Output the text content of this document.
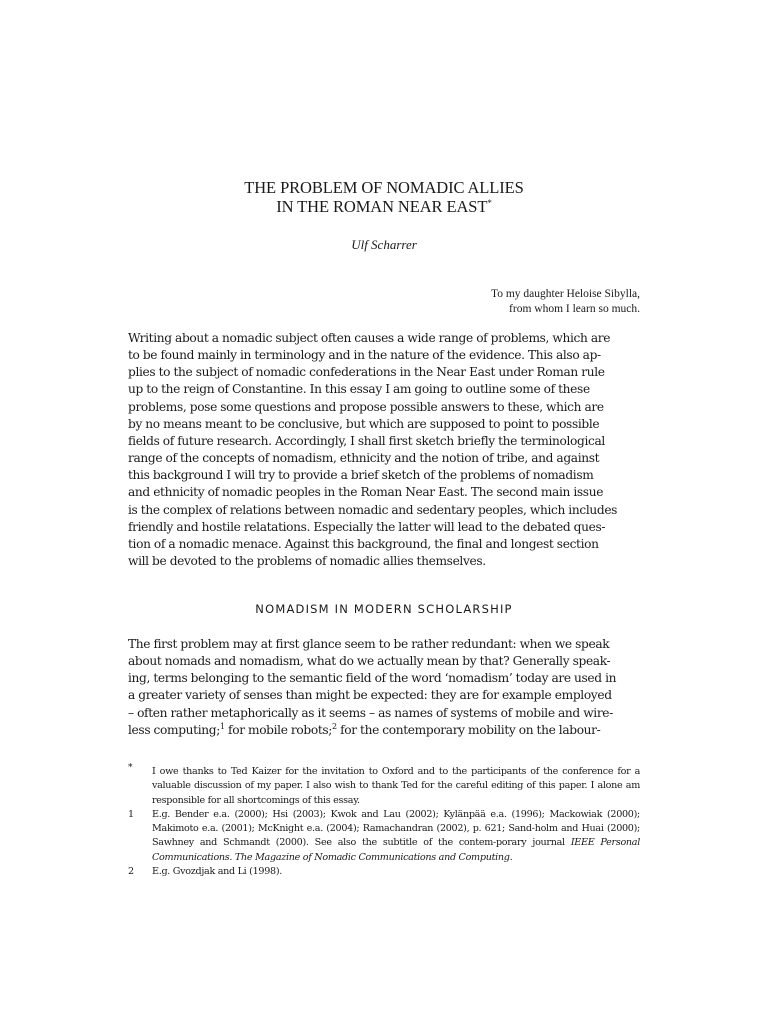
THE PROBLEM OF NOMADIC ALLIES
IN THE ROMAN NEAR EAST*
Ulf Scharrer
To my daughter Heloise Sibylla,
from whom I learn so much.
Writing about a nomadic subject often causes a wide range of problems, which are
to be found mainly in terminology and in the nature of the evidence. This also ap-
plies to the subject of nomadic confederations in the Near East under Roman rule
up to the reign of Constantine. In this essay I am going to outline some of these
problems, pose some questions and propose possible answers to these, which are
by no means meant to be conclusive, but which are supposed to point to possible
fields of future research. Accordingly, I shall first sketch briefly the terminological
range of the concepts of nomadism, ethnicity and the notion of tribe, and against
this background I will try to provide a brief sketch of the problems of nomadism
and ethnicity of nomadic peoples in the Roman Near East. The second main issue
is the complex of relations between nomadic and sedentary peoples, which includes
friendly and hostile relatations. Especially the latter will lead to the debated ques-
tion of a nomadic menace. Against this background, the final and longest section
will be devoted to the problems of nomadic allies themselves.
NOMADISM IN MODERN SCHOLARSHIP
The first problem may at first glance seem to be rather redundant: when we speak
about nomads and nomadism, what do we actually mean by that? Generally speak-
ing, terms belonging to the semantic field of the word ‘nomadism’ today are used in
a greater variety of senses than might be expected: they are for example employed
– often rather metaphorically as it seems – as names of systems of mobile and wire-
less computing;$^1$ for mobile robots;$^2$ for the contemporary mobility on the labour-
* I owe thanks to Ted Kaizer for the invitation to Oxford and to the participants of the conference for a valuable discussion of my paper. I also wish to thank Ted for the careful editing of this paper. I alone am responsible for all shortcomings of this essay.
1 E.g. Bender e.a. (2000); Hsi (2003); Kwok and Lau (2002); Kylänpää e.a. (1996); Mackowiak (2000); Makimoto e.a. (2001); McKnight e.a. (2004); Ramachandran (2002), p. 621; Sand-holm and Huai (2000); Sawhney and Schmandt (2000). See also the subtitle of the contem-porary journal IEEE Personal Communications. The Magazine of Nomadic Communications and Computing.
2 E.g. Gvozdjak and Li (1998).
